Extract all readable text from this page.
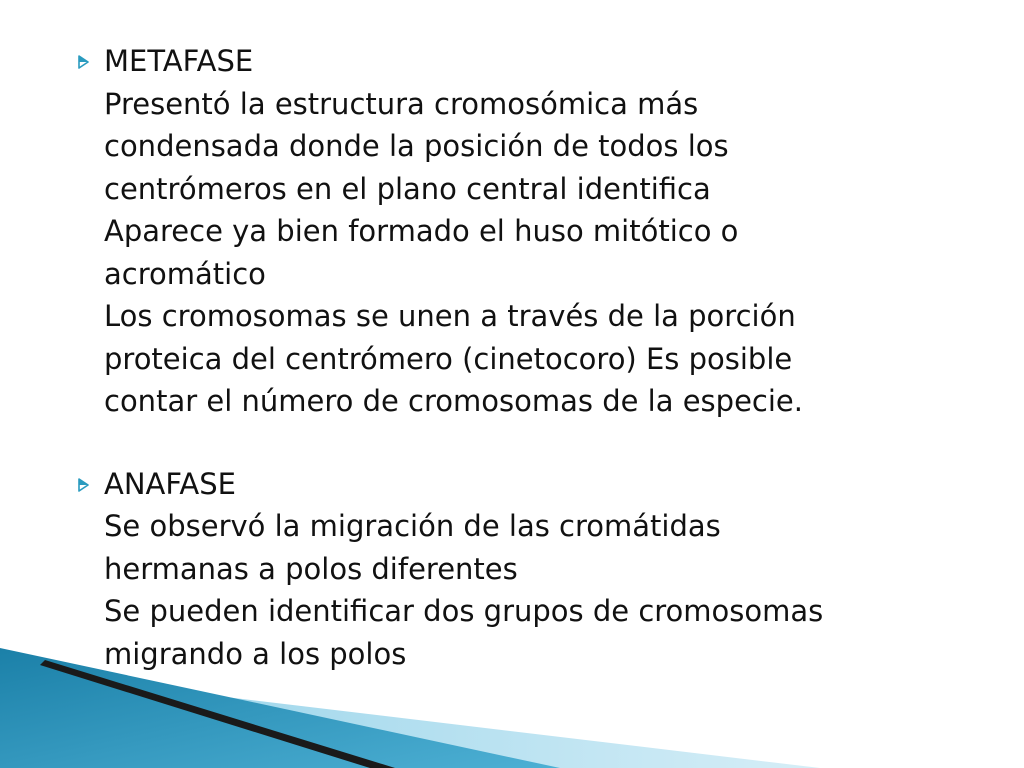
METAFASE
Presentó la estructura cromosómica más
condensada donde la posición de todos los
centrómeros en el plano central identifica
Aparece ya bien formado el huso mitótico o
acromático
Los cromosomas se unen a través de la porción
proteica del centrómero (cinetocoro) Es posible
contar el número de cromosomas de la especie.
ANAFASE
Se observó la migración de las cromátidas
hermanas a polos diferentes
Se pueden identificar dos grupos de cromosomas
migrando a los polos
